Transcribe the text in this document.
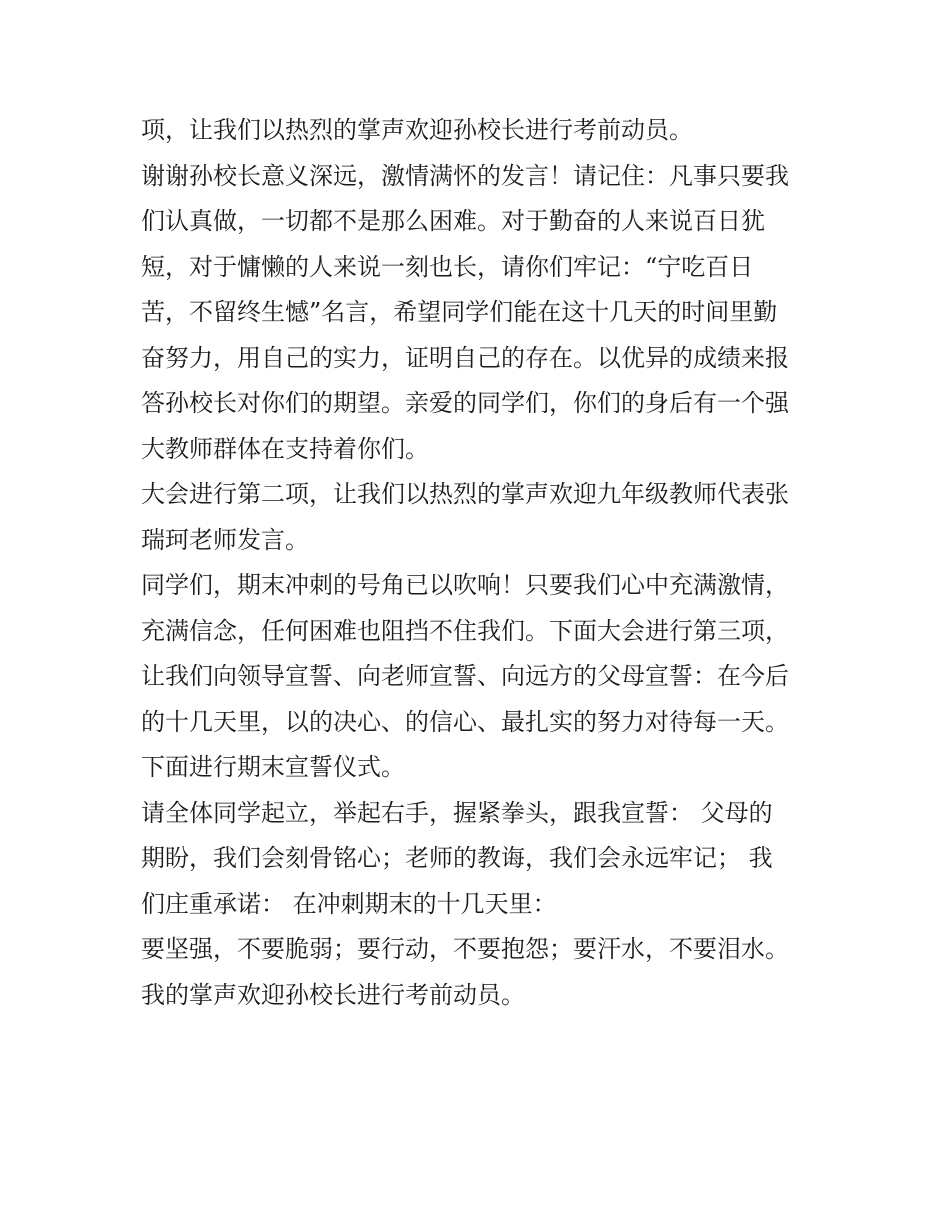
项，让我们以热烈的掌声欢迎孙校长进行考前动员。
谢谢孙校长意义深远，激情满怀的发言！请记住：凡事只要我
们认真做，一切都不是那么困难。对于勤奋的人来说百日犹
短，对于慵懒的人来说一刻也长，请你们牢记：“宁吃百日
苦，不留终生憾”名言，希望同学们能在这十几天的时间里勤
奋努力，用自己的实力，证明自己的存在。以优异的成绩来报
答孙校长对你们的期望。亲爱的同学们，你们的身后有一个强
大教师群体在支持着你们。
大会进行第二项，让我们以热烈的掌声欢迎九年级教师代表张
瑞珂老师发言。
同学们，期末冲刺的号角已以吹响！只要我们心中充满激情，
充满信念，任何困难也阻挡不住我们。下面大会进行第三项，
让我们向领导宣誓、向老师宣誓、向远方的父母宣誓：在今后
的十几天里，以的决心、的信心、最扎实的努力对待每一天。
下面进行期末宣誓仪式。
请全体同学起立，举起右手，握紧拳头，跟我宣誓： 父母的
期盼，我们会刻骨铭心；老师的教诲，我们会永远牢记； 我
们庄重承诺： 在冲刺期末的十几天里：
要坚强，不要脆弱；要行动，不要抱怨；要汗水，不要泪水。
我的掌声欢迎孙校长进行考前动员。
